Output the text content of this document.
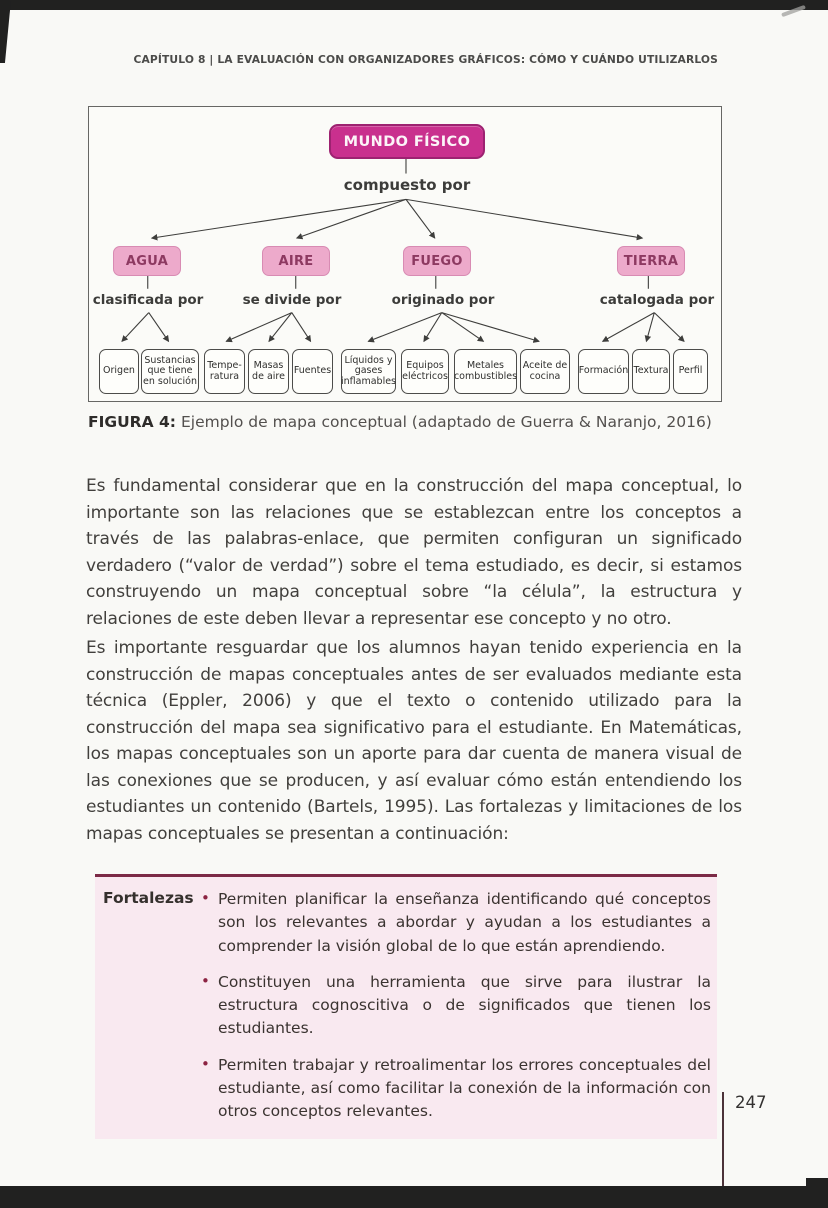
CAPÍTULO 8 | LA EVALUACIÓN CON ORGANIZADORES GRÁFICOS: CÓMO Y CUÁNDO UTILIZARLOS
MUNDO FÍSICO
compuesto por
AGUA	AIRE	FUEGO	TIERRA
clasificada por	se divide por	originado por	catalogada por
Origen
Sustancias que tiene en solución
Tempe-ratura
Masas de aire Fuentes
Líquidos y gases inflamables
Equipos eléctricos
Metales combustibles
Aceite de cocina	Formación Textura	Perfil
FIGURA 4: Ejemplo de mapa conceptual (adaptado de Guerra & Naranjo, 2016)
Es fundamental considerar que en la construcción del mapa conceptual, lo importante son las relaciones que se establezcan entre los conceptos a través de las palabras-enlace, que permiten configuran un significado verdadero (“valor de verdad”) sobre el tema estudiado, es decir, si estamos construyendo un mapa conceptual sobre “la célula”, la estructura y relaciones de este deben llevar a representar ese concepto y no otro.
Es importante resguardar que los alumnos hayan tenido experiencia en la construcción de mapas conceptuales antes de ser evaluados mediante esta técnica (Eppler, 2006) y que el texto o contenido utilizado para la construcción del mapa sea significativo para el estudiante. En Matemáticas, los mapas conceptuales son un aporte para dar cuenta de manera visual de las conexiones que se producen, y así evaluar cómo están entendiendo los estudiantes un contenido (Bartels, 1995). Las fortalezas y limitaciones de los mapas conceptuales se presentan a continuación:
Fortalezas • Permiten planificar la enseñanza identificando qué conceptos son los relevantes a abordar y ayudan a los estudiantes a comprender la visión global de lo que están aprendiendo.
• Constituyen una herramienta que sirve para ilustrar la estructura cognoscitiva o de significados que tienen los estudiantes.
• Permiten trabajar y retroalimentar los errores conceptuales del estudiante, así como facilitar la conexión de la información con otros conceptos relevantes.	247
